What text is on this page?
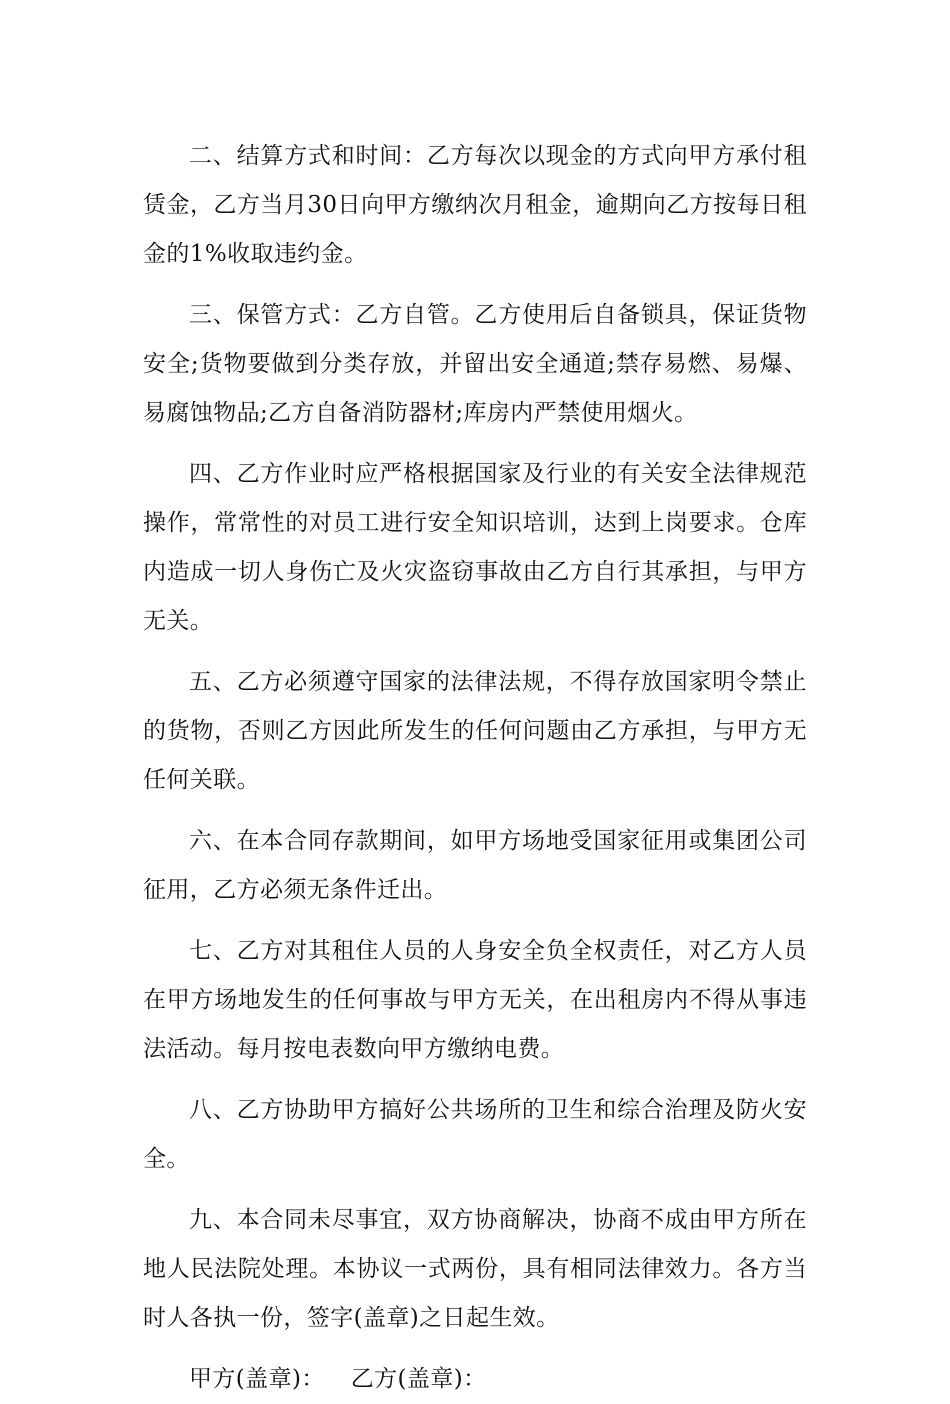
二、结算方式和时间：乙方每次以现金的方式向甲方承付租赁金，乙方当月30日向甲方缴纳次月租金，逾期向乙方按每日租金的1%收取违约金。

三、保管方式：乙方自管。乙方使用后自备锁具，保证货物安全;货物要做到分类存放，并留出安全通道;禁存易燃、易爆、易腐蚀物品;乙方自备消防器材;库房内严禁使用烟火。

四、乙方作业时应严格根据国家及行业的有关安全法律规范操作，常常性的对员工进行安全知识培训，达到上岗要求。仓库内造成一切人身伤亡及火灾盗窃事故由乙方自行其承担，与甲方无关。

五、乙方必须遵守国家的法律法规，不得存放国家明令禁止的货物，否则乙方因此所发生的任何问题由乙方承担，与甲方无任何关联。

六、在本合同存款期间，如甲方场地受国家征用或集团公司征用，乙方必须无条件迁出。

七、乙方对其租住人员的人身安全负全权责任，对乙方人员在甲方场地发生的任何事故与甲方无关，在出租房内不得从事违法活动。每月按电表数向甲方缴纳电费。

八、乙方协助甲方搞好公共场所的卫生和综合治理及防火安全。

九、本合同未尽事宜，双方协商解决，协商不成由甲方所在地人民法院处理。本协议一式两份，具有相同法律效力。各方当时人各执一份，签字(盖章)之日起生效。

甲方(盖章)： 乙方(盖章)：
